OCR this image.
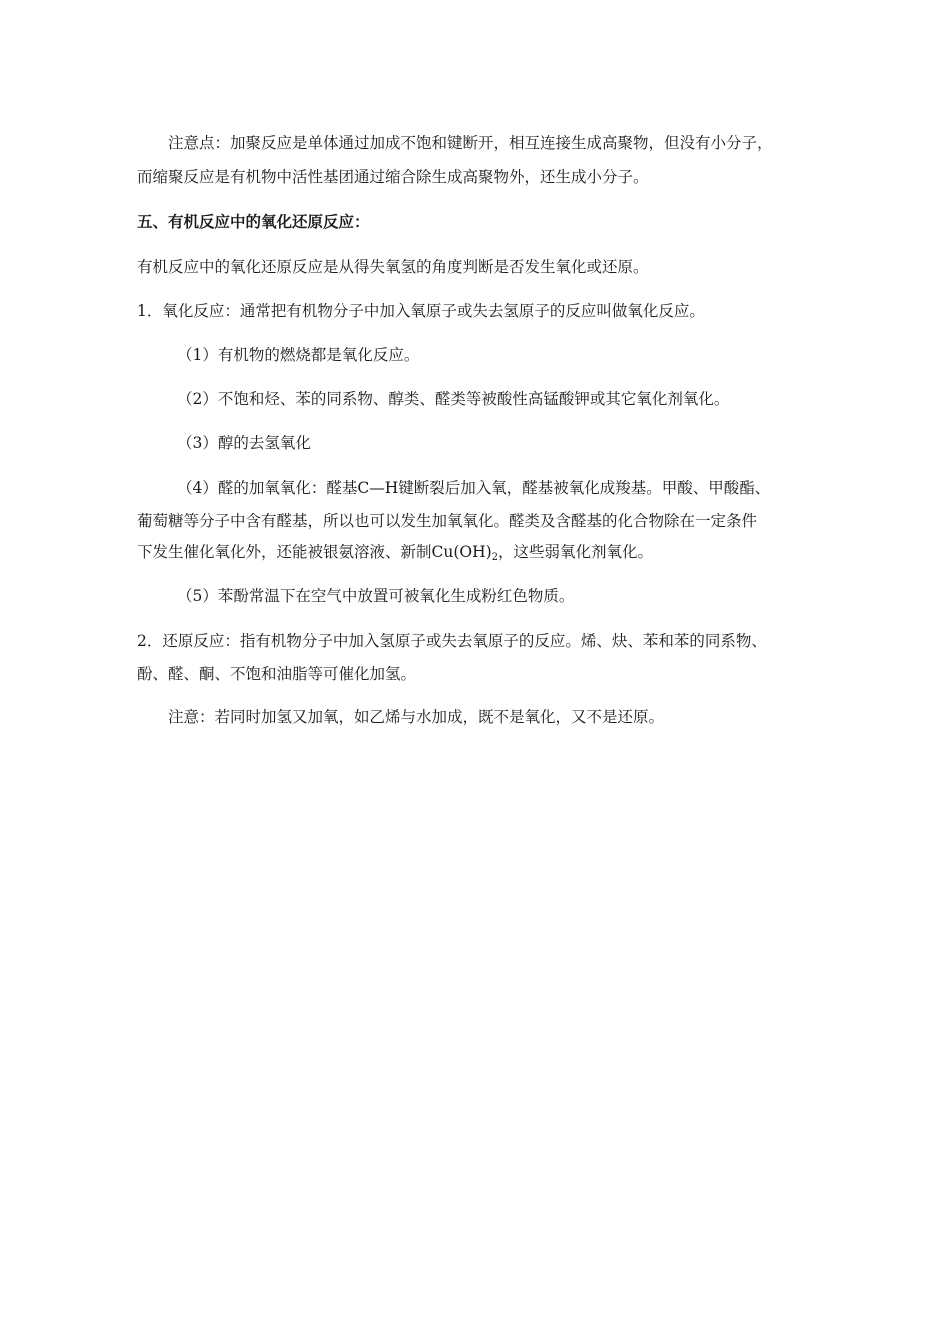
注意点：加聚反应是单体通过加成不饱和键断开，相互连接生成高聚物，但没有小分子，
而缩聚反应是有机物中活性基团通过缩合除生成高聚物外，还生成小分子。
五、有机反应中的氧化还原反应：
有机反应中的氧化还原反应是从得失氧氢的角度判断是否发生氧化或还原。
1．氧化反应：通常把有机物分子中加入氧原子或失去氢原子的反应叫做氧化反应。
（1）有机物的燃烧都是氧化反应。
（2）不饱和烃、苯的同系物、醇类、醛类等被酸性高锰酸钾或其它氧化剂氧化。
（3）醇的去氢氧化
（4）醛的加氧氧化：醛基C—H键断裂后加入氧，醛基被氧化成羧基。甲酸、甲酸酯、
葡萄糖等分子中含有醛基，所以也可以发生加氧氧化。醛类及含醛基的化合物除在一定条件
下发生催化氧化外，还能被银氨溶液、新制$Cu(OH)_2$，这些弱氧化剂氧化。
（5）苯酚常温下在空气中放置可被氧化生成粉红色物质。
2．还原反应：指有机物分子中加入氢原子或失去氧原子的反应。烯、炔、苯和苯的同系物、
酚、醛、酮、不饱和油脂等可催化加氢。
注意：若同时加氢又加氧，如乙烯与水加成，既不是氧化，又不是还原。
